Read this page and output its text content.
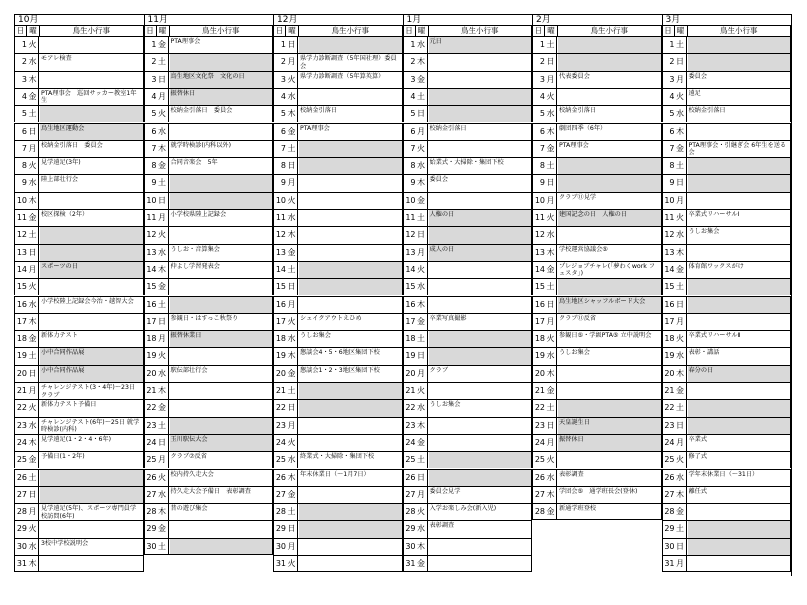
10月
日 曜	鳥生小行事
1 火
2 水 モアレ検査
3 木
4 金 PTA理事会　巡回サッカー教室1年生
5 土
6 日 鳥生地区運動会
7 月 校納金引落日　委員会
8 火 見学遠足(3年)
9 水 陸上部壮行会
10 木
11 金 校区探検（2年）
12 土
13 日
14 月 スポーツの日
15 火
16 水 小学校陸上記録会今治・越智大会
17 木
18 金 新体力テスト
19 土 小中合同作品展
20 日 小中合同作品展
21 月 チャレンジテスト(3・4年)～23日　クラブ
22 火 新体力テスト予備日
23 水 チャレンジテスト(6年)～25日 就学時検診(内科)
24 木 見学遠足(1・2・4・6年)
25 金 予備日(1・2年)
26 土
27 日
28 月 見学遠足(5年)、スポーツ専門員学校訪問(6年)
29 火
30 水 3校中学校説明会
31 木
11月
日 曜	鳥生小行事
1 金 PTA理事会
2 土
3 日 鳥生地区文化祭　文化の日
4 月 振替休日
5 火 校納金引落日　委員会
6 水
7 木 就学時検診(内科以外)
8 金 合同音楽会　5年
9 土
10 日
11 月 小学校県陸上記録会
12 火
13 水 うしお・音算集会
14 木 仲よし学習発表会
15 金
16 土
17 日 参観日・はすっこ秋祭り
18 月 振替休業日
19 火
20 水 駅伝部壮行会
21 木
22 金
23 土
24 日 玉川駅伝大会
25 月 クラブ⑦反省
26 火 校内持久走大会
27 水 持久走大会予備日　表彰調査
28 木 昔の遊び集会
29 金
30 土
12月
日 曜	鳥生小行事
1 日
2 月 県学力診断調査（5年国社理）委員会
3 火 県学力診断調査（5年算英算）
4 水
5 木 校納金引落日
6 金 PTA理事会
7 土
8 日
9 月
10 火
11 水
12 木
13 金
14 土
15 日
16 月
17 火 シェイクアウトえひめ
18 水 うしお集会
19 木 懇談会4・5・6地区集団下校
20 金 懇談会1・2・3地区集団下校
21 土
22 日
23 月
24 火
25 水 終業式・大掃除・集団下校
26 木 年末休業日（～1月7日）
27 金
28 土
29 日
30 月
31 火
1月
日 曜	鳥生小行事
1 水 元日
2 木
3 金
4 土
5 日
6 月 校納金引落日
7 火
8 水 始業式・大掃除・集団下校
9 木 委員会
10 金
11 土 人権の日
12 日
13 月 成人の日
14 火
15 水
16 木
17 金 卒業写真撮影
18 土
19 日
20 月 クラブ
21 火
22 水 うしお集会
23 木
24 金
25 土
26 日
27 月 委員会見学
28 火 入学お楽しみ会(新入児)
29 水 表彰調査
30 木
31 金
2月
日 曜	鳥生小行事
1 土
2 日
3 月 代表委員会
4 火
5 水 校納金引落日
6 木 劇団四季（6年）
7 金 PTA理事会
8 土
9 日
10 月 クラブ⑪見学
11 火 建国記念の日　人権の日
12 水
13 木 学校運営協議会⑤
14 金 プレジョブチャレ(「夢わくwork フェスタ」)
15 土
16 日 鳥生地区シャッフルボード大会
17 月 クラブ⑪反省
18 火 参観日⑤・学級PTA⑤ 立中説明会
19 水 うしお集会
20 木
21 金
22 土
23 日 天皇誕生日
24 月 振替休日
25 火
26 水 表彰調査
27 木 学団会⑤　通学班長会(登休)
28 金 新通学班登校
3月
日 曜	鳥生小行事
1 土
2 日
3 月 委員会
4 火 遠足
5 水 校納金引落日
6 木
7 金 PTA理事会・引継ぎ会 6年生を送る会
8 土
9 日
10 月
11 火 卒業式リハーサルⅠ
12 水 うしお集会
13 木
14 金 体育館ワックスがけ
15 土
16 日
17 月
18 火 卒業式リハーサルⅡ
19 水 表彰・講話
20 木 春分の日
21 金
22 土
23 日
24 月 卒業式
25 火 修了式
26 水 学年末休業日（～31日）
27 木 離任式
28 金
29 土
30 日
31 月
